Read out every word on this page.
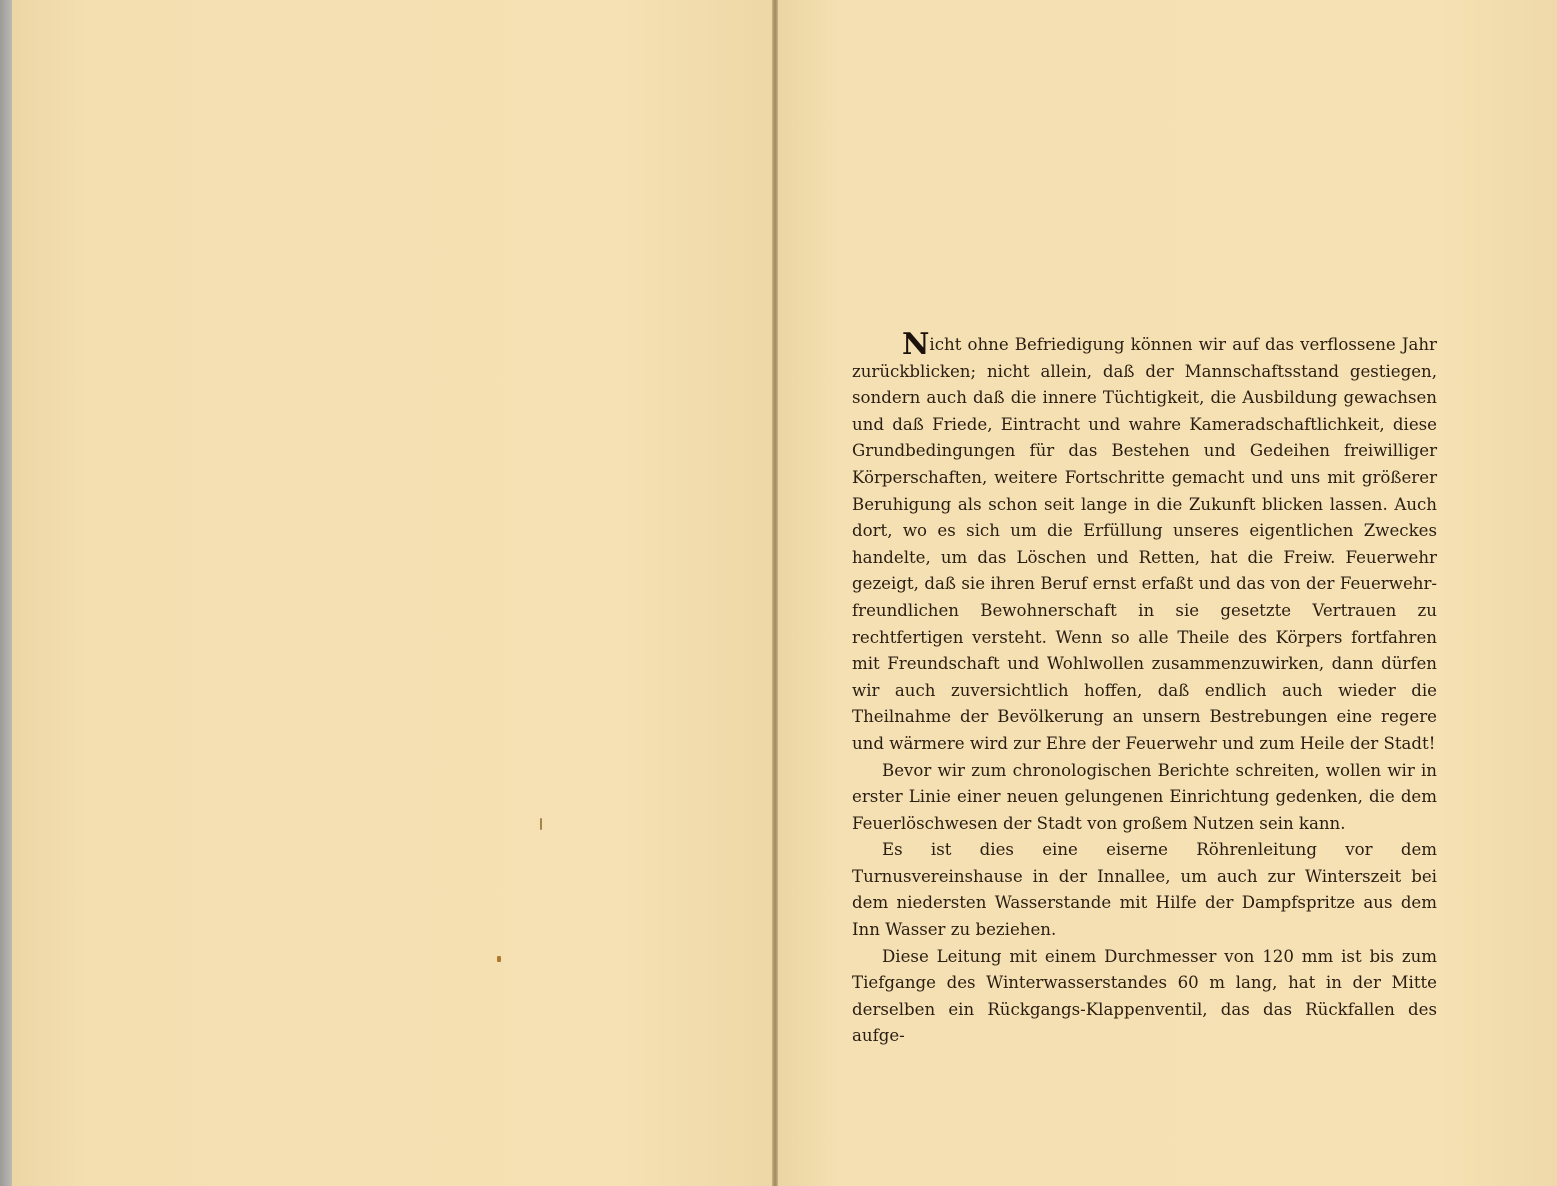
Nicht ohne Befriedigung können wir auf das verflossene Jahr zurückblicken; nicht allein, daß der Mannschaftsstand gestiegen, sondern auch daß die innere Tüchtigkeit, die Ausbildung gewachsen und daß Friede, Eintracht und wahre Kameradschaftlichkeit, diese Grundbedingungen für das Bestehen und Gedeihen freiwilliger Körperschaften, weitere Fortschritte gemacht und uns mit größerer Beruhigung als schon seit lange in die Zukunft blicken lassen. Auch dort, wo es sich um die Erfüllung unseres eigentlichen Zweckes handelte, um das Löschen und Retten, hat die Freiw. Feuerwehr gezeigt, daß sie ihren Beruf ernst erfaßt und das von der Feuerwehr-freundlichen Bewohnerschaft in sie gesetzte Vertrauen zu rechtfertigen versteht. Wenn so alle Theile des Körpers fortfahren mit Freundschaft und Wohlwollen zusammenzuwirken, dann dürfen wir auch zuversichtlich hoffen, daß endlich auch wieder die Theilnahme der Bevölkerung an unsern Bestrebungen eine regere und wärmere wird zur Ehre der Feuerwehr und zum Heile der Stadt!

Bevor wir zum chronologischen Berichte schreiten, wollen wir in erster Linie einer neuen gelungenen Einrichtung gedenken, die dem Feuerlöschwesen der Stadt von großem Nutzen sein kann.

Es ist dies eine eiserne Röhrenleitung vor dem Turnusvereinshause in der Innallee, um auch zur Winterszeit bei dem niedersten Wasserstande mit Hilfe der Dampfspritze aus dem Inn Wasser zu beziehen.

Diese Leitung mit einem Durchmesser von 120 mm ist bis zum Tiefgange des Winterwasserstandes 60 m lang, hat in der Mitte derselben ein Rückgangs-Klappenventil, das das Rückfallen des aufge-
